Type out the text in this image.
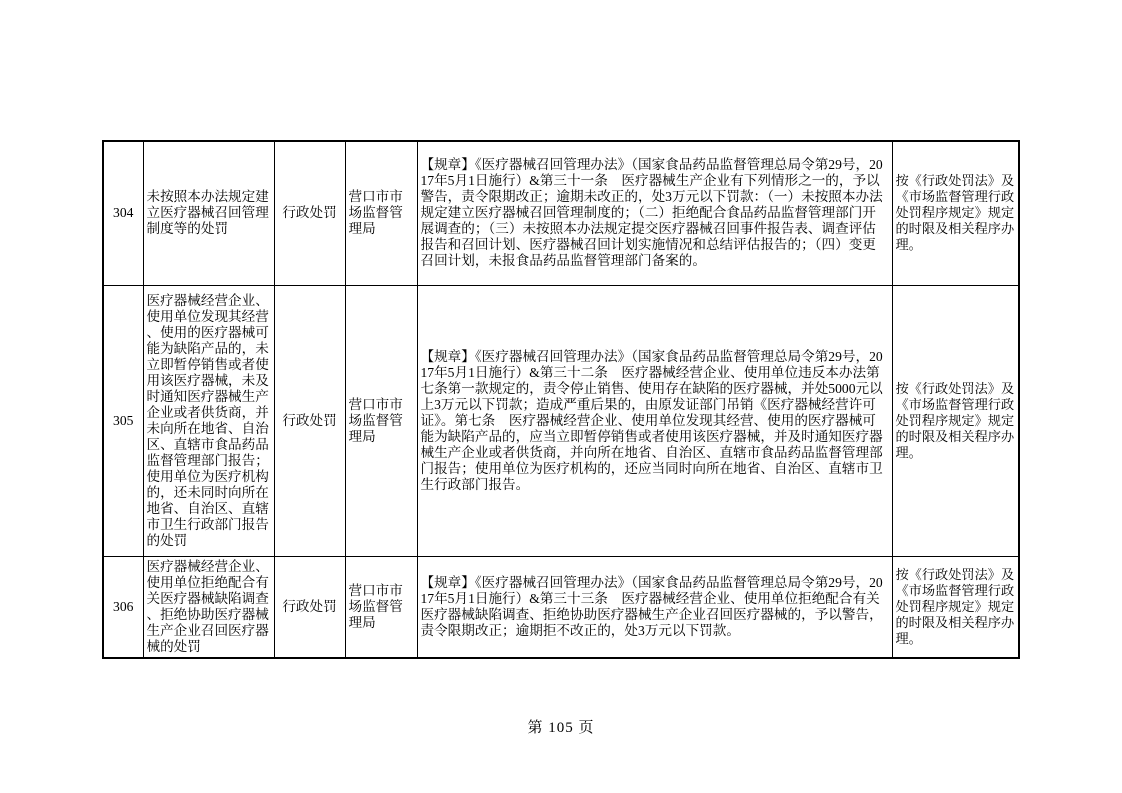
304	未按照本办法规定建立医疗器械召回管理制度等的处罚	行政处罚	营口市市场监督管理局	【规章】《医疗器械召回管理办法》（国家食品药品监督管理总局令第29号，2017年5月1日施行）&第三十一条　医疗器械生产企业有下列情形之一的，予以警告，责令限期改正；逾期未改正的，处3万元以下罚款：（一）未按照本办法规定建立医疗器械召回管理制度的；（二）拒绝配合食品药品监督管理部门开展调查的；（三）未按照本办法规定提交医疗器械召回事件报告表、调查评估报告和召回计划、医疗器械召回计划实施情况和总结评估报告的；（四）变更召回计划，未报食品药品监督管理部门备案的。	按《行政处罚法》及《市场监督管理行政处罚程序规定》规定的时限及相关程序办理。
305	医疗器械经营企业、使用单位发现其经营、使用的医疗器械可能为缺陷产品的，未立即暂停销售或者使用该医疗器械，未及时通知医疗器械生产企业或者供货商，并未向所在地省、自治区、直辖市食品药品监督管理部门报告；使用单位为医疗机构的，还未同时向所在地省、自治区、直辖市卫生行政部门报告的处罚	行政处罚	营口市市场监督管理局	【规章】《医疗器械召回管理办法》（国家食品药品监督管理总局令第29号，2017年5月1日施行）&第三十二条　医疗器械经营企业、使用单位违反本办法第七条第一款规定的，责令停止销售、使用存在缺陷的医疗器械，并处5000元以上3万元以下罚款；造成严重后果的，由原发证部门吊销《医疗器械经营许可证》。第七条　医疗器械经营企业、使用单位发现其经营、使用的医疗器械可能为缺陷产品的，应当立即暂停销售或者使用该医疗器械，并及时通知医疗器械生产企业或者供货商，并向所在地省、自治区、直辖市食品药品监督管理部门报告；使用单位为医疗机构的，还应当同时向所在地省、自治区、直辖市卫生行政部门报告。	按《行政处罚法》及《市场监督管理行政处罚程序规定》规定的时限及相关程序办理。
306	医疗器械经营企业、使用单位拒绝配合有关医疗器械缺陷调查、拒绝协助医疗器械生产企业召回医疗器械的处罚	行政处罚	营口市市场监督管理局	【规章】《医疗器械召回管理办法》（国家食品药品监督管理总局令第29号，2017年5月1日施行）&第三十三条　医疗器械经营企业、使用单位拒绝配合有关医疗器械缺陷调查、拒绝协助医疗器械生产企业召回医疗器械的，予以警告，责令限期改正；逾期拒不改正的，处3万元以下罚款。	按《行政处罚法》及《市场监督管理行政处罚程序规定》规定的时限及相关程序办理。
第 105 页
